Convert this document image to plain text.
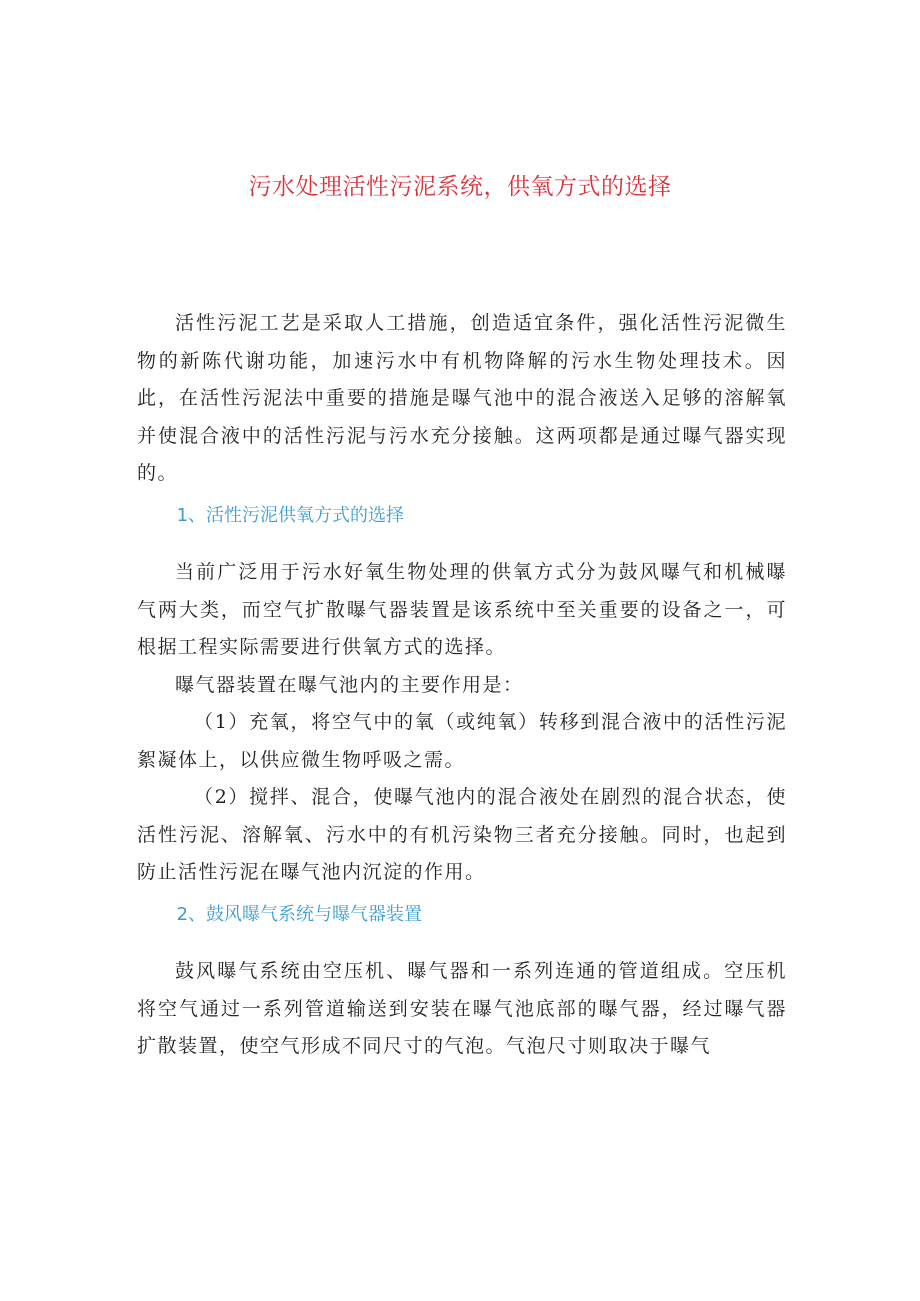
污水处理活性污泥系统，供氧方式的选择

活性污泥工艺是采取人工措施，创造适宜条件，强化活性污泥微生物的新陈代谢功能，加速污水中有机物降解的污水生物处理技术。因此，在活性污泥法中重要的措施是曝气池中的混合液送入足够的溶解氧并使混合液中的活性污泥与污水充分接触。这两项都是通过曝气器实现的。

1、活性污泥供氧方式的选择

当前广泛用于污水好氧生物处理的供氧方式分为鼓风曝气和机械曝气两大类，而空气扩散曝气器装置是该系统中至关重要的设备之一，可根据工程实际需要进行供氧方式的选择。

曝气器装置在曝气池内的主要作用是：

（1）充氧，将空气中的氧（或纯氧）转移到混合液中的活性污泥絮凝体上，以供应微生物呼吸之需。

（2）搅拌、混合，使曝气池内的混合液处在剧烈的混合状态，使活性污泥、溶解氧、污水中的有机污染物三者充分接触。同时，也起到防止活性污泥在曝气池内沉淀的作用。

2、鼓风曝气系统与曝气器装置

鼓风曝气系统由空压机、曝气器和一系列连通的管道组成。空压机将空气通过一系列管道输送到安装在曝气池底部的曝气器，经过曝气器扩散装置，使空气形成不同尺寸的气泡。气泡尺寸则取决于曝气
